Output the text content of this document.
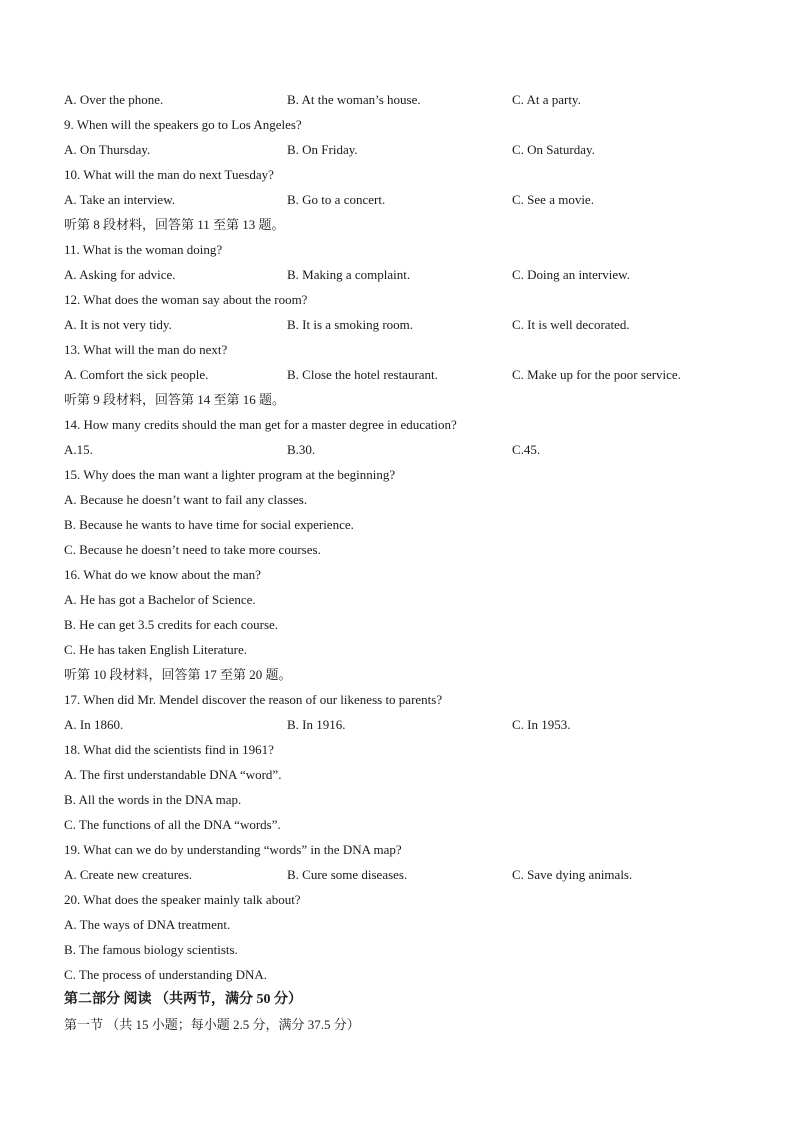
A. Over the phone.	B. At the woman’s house.	C. At a party.
9. When will the speakers go to Los Angeles?
A. On Thursday.	B. On Friday.	C. On Saturday.
10. What will the man do next Tuesday?
A. Take an interview.	B. Go to a concert.	C. See a movie.
听第 8 段材料，回答第 11 至第 13 题。
11. What is the woman doing?
A. Asking for advice.	B. Making a complaint.	C. Doing an interview.
12. What does the woman say about the room?
A. It is not very tidy.	B. It is a smoking room.	C. It is well decorated.
13. What will the man do next?
A. Comfort the sick people.	B. Close the hotel restaurant.	C. Make up for the poor service.
听第 9 段材料，回答第 14 至第 16 题。
14. How many credits should the man get for a master degree in education?
A.15.	B.30.	C.45.
15. Why does the man want a lighter program at the beginning?
A. Because he doesn’t want to fail any classes.
B. Because he wants to have time for social experience.
C. Because he doesn’t need to take more courses.
16. What do we know about the man?
A. He has got a Bachelor of Science.
B. He can get 3.5 credits for each course.
C. He has taken English Literature.
听第 10 段材料，回答第 17 至第 20 题。
17. When did Mr. Mendel discover the reason of our likeness to parents?
A. In 1860.	B. In 1916.	C. In 1953.
18. What did the scientists find in 1961?
A. The first understandable DNA “word”.
B. All the words in the DNA map.
C. The functions of all the DNA “words”.
19. What can we do by understanding “words” in the DNA map?
A. Create new creatures.	B. Cure some diseases.	C. Save dying animals.
20. What does the speaker mainly talk about?
A. The ways of DNA treatment.
B. The famous biology scientists.
C. The process of understanding DNA.
第二部分 阅读 （共两节，满分 50 分）
第一节 （共 15 小题；每小题 2.5 分，满分 37.5 分）
